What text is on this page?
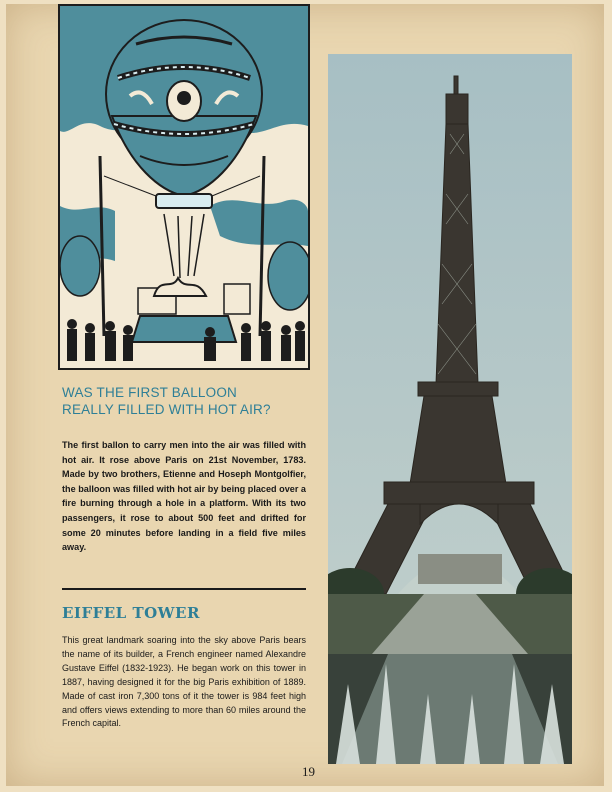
WAS THE FIRST BALLOON
REALLY FILLED WITH HOT AIR?
The first ballon to carry men into the air was filled with hot air. It rose above Paris on 21st November, 1783. Made by two brothers, Etienne and Hoseph Montgolfier, the balloon was filled with hot air by being placed over a fire burning through a hole in a platform. With its two passengers, it rose to about 500 feet and drifted for some 20 minutes before landing in a field five miles away.
EIFFEL TOWER
This great landmark soaring into the sky above Paris bears the name of its builder, a French engineer named Alexandre Gustave Eiffel (1832-1923). He began work on this tower in 1887, having designed it for the big Paris exhibition of 1889. Made of cast iron 7,300 tons of it the tower is 984 feet high and offers views extending to more than 60 miles around the French capital.
19
